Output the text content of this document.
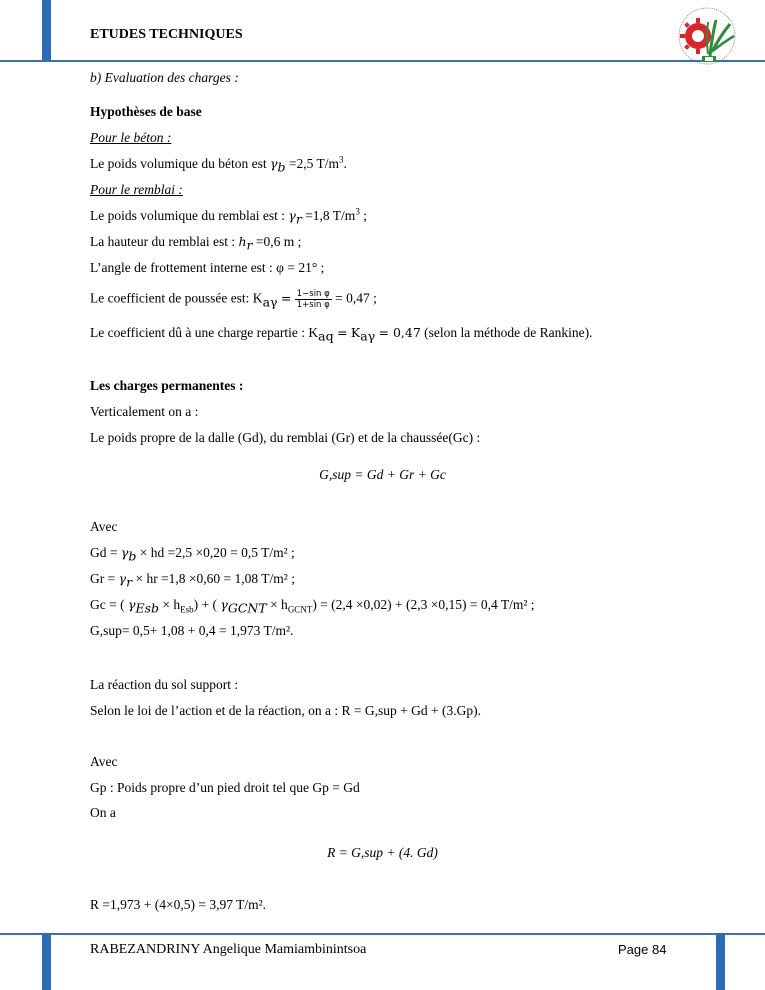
ETUDES TECHNIQUES
b) Evaluation des charges :
Hypothèses de base
Pour le béton :
Le poids volumique du béton est $\gamma_b =2,5$ $T/m^3$.
Pour le remblai :
Le poids volumique du remblai est : $\gamma_r =1,8$ $T/m^3$ ;
La hauteur du remblai est : $h_r =0,6$ m ;
L’angle de frottement interne est : φ = 21° ;
Le coefficient de poussée est: $K_{a\gamma} = \frac{\text{1−sin φ}}{\text{1+sin φ}} = 0,47$ ;
Le coefficient dû à une charge repartie : $K_{aq} = K_{a\gamma} = 0,47$ (selon la méthode de Rankine).
Les charges permanentes :
Verticalement on a :
Le poids propre de la dalle (Gd), du remblai (Gr) et de la chaussée(Gc) :
G,sup = Gd + Gr + Gc
Avec
$Gd = \gamma_b$ × hd =2,5 ×0,20 = 0,5 T/m² ;
$Gr = \gamma_r$ × hr =1,8 ×0,60 = 1,08 T/m² ;
Gc = ( $\gamma_{Esb} \times h_{Esb}$) + ( $\gamma_{GCNT} \times h_{GCNT}) = (2,4 \times 0,02) + (2,3 \times 0,15) = 0,4$ T/m² ;
G,sup= 0,5+ 1,08 + 0,4 = 1,973 T/m².
La réaction du sol support :
Selon le loi de l’action et de la réaction, on a : R = G,sup + Gd + (3.Gp).
Avec
Gp : Poids propre d’un pied droit tel que Gp = Gd
On a
R = G,sup + (4. Gd)
R =1,973 + (4×0,5) = 3,97 T/m².
RABEZANDRINY Angelique Mamiambinintsoa	Page 84
